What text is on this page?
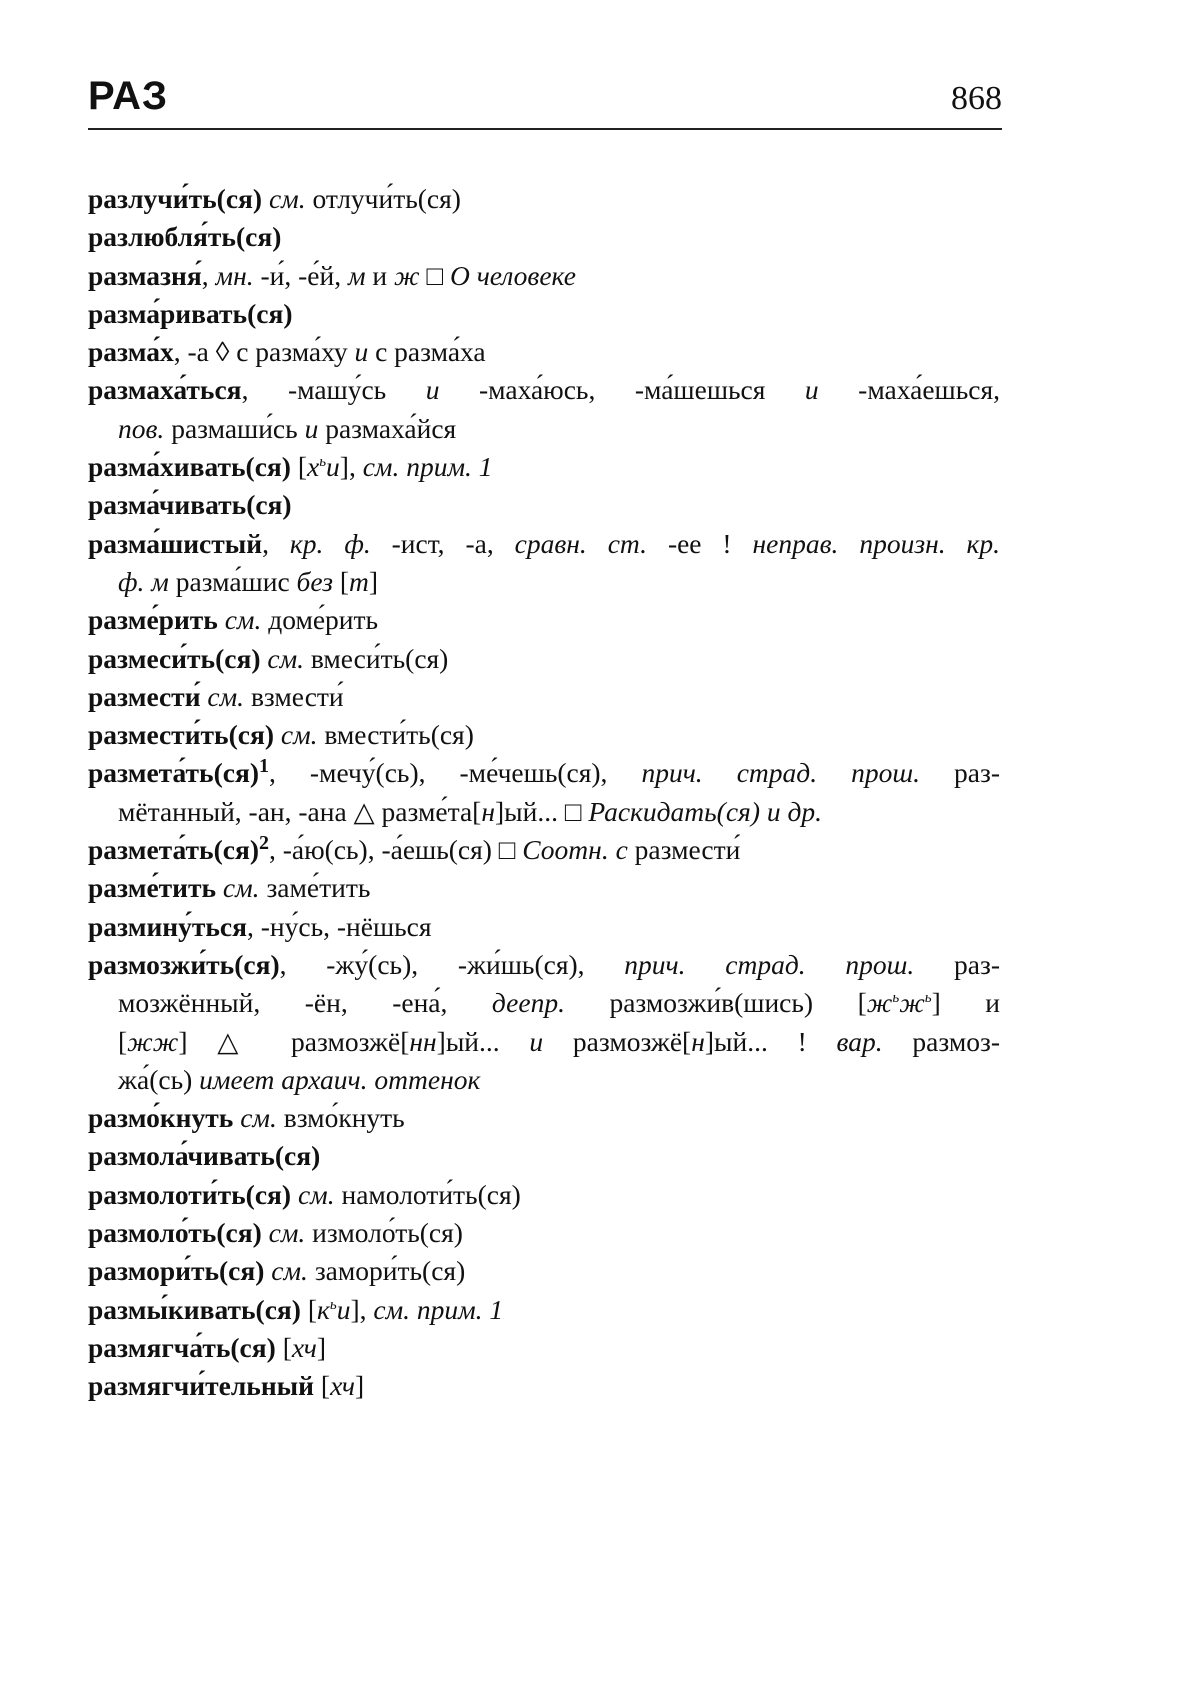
РАЗ	868
разлучи́ть(ся) см. отлучи́ть(ся)
разлюбля́ть(ся)
размазня́, мн. -и́, -е́й, м и ж □ О человеке
разма́ривать(ся)
разма́х, -а ◊ с разма́ху и с разма́ха
размаха́ться, -машу́сь и -маха́юсь, -ма́шешься и -маха́ешься,
пов. размаши́сь и размаха́йся
разма́хивать(ся) $[х^ьи]$, см. прим. 1
разма́чивать(ся)
разма́шистый, кр. ф. -ист, -а, сравн. ст. -ее ! неправ. произн. кр.
ф. м разма́шис без [т]
разме́рить см. доме́рить
размеси́ть(ся) см. вмеси́ть(ся)
размести́ см. взмести́
размести́ть(ся) см. вмести́ть(ся)
размета́ть(ся)$^1$, -мечу́(сь), -ме́чешь(ся), прич. страд. прош. раз-
мётанный, -ан, -ана △ разме́та[н]ый... □ Раскидать(ся) и др.
размета́ть(ся)$^2$, -а́ю(сь), -а́ешь(ся) □ Соотн. с размести́
разме́тить см. заме́тить
размину́ться, -ну́сь, -нёшься
размозжи́ть(ся), -жу́(сь), -жи́шь(ся), прич. страд. прош. раз-
мозжённый, -ён, -ена́, деепр. размозжи́в(шись) $[ж^ьж^ь]$ и
[жж] △ размозжё[нн]ый... и размозжё[н]ый... ! вар. размоз-
жа́(сь) имеет архаич. оттенок
размо́кнуть см. взмо́кнуть
размола́чивать(ся)
размолоти́ть(ся) см. намолоти́ть(ся)
размоло́ть(ся) см. измоло́ть(ся)
размори́ть(ся) см. замори́ть(ся)
размы́кивать(ся) $[к^ьи]$, см. прим. 1
размягча́ть(ся) [хч]
размягчи́тельный [хч]
